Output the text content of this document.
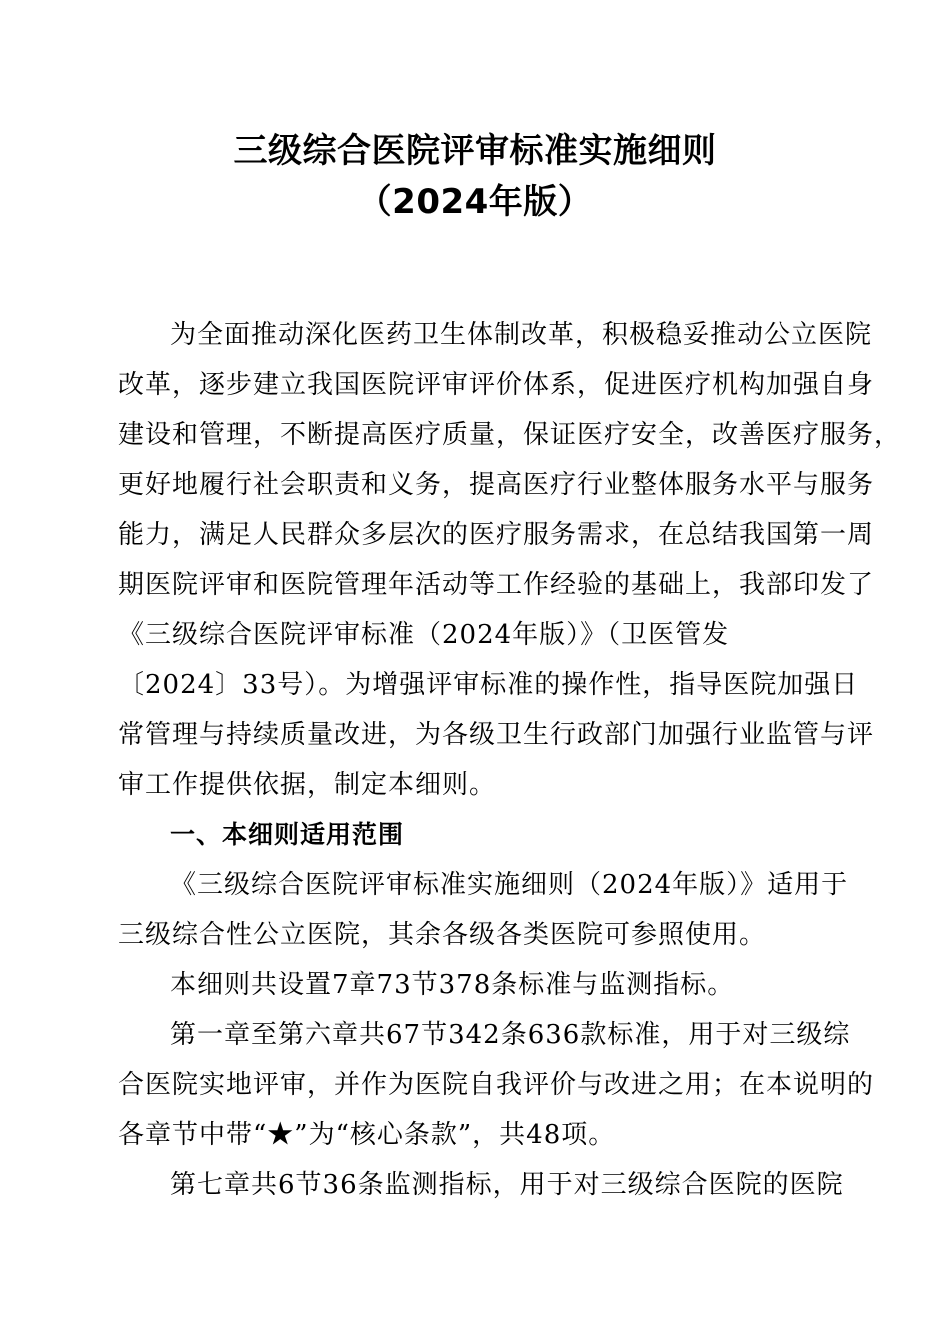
三级综合医院评审标准实施细则
（2024年版）
为全面推动深化医药卫生体制改革，积极稳妥推动公立医院
改革，逐步建立我国医院评审评价体系，促进医疗机构加强自身
建设和管理，不断提高医疗质量，保证医疗安全，改善医疗服务，
更好地履行社会职责和义务，提高医疗行业整体服务水平与服务
能力，满足人民群众多层次的医疗服务需求，在总结我国第一周
期医院评审和医院管理年活动等工作经验的基础上，我部印发了
《三级综合医院评审标准（2024年版）》（卫医管发
〔2024〕33号）。为增强评审标准的操作性，指导医院加强日
常管理与持续质量改进，为各级卫生行政部门加强行业监管与评
审工作提供依据，制定本细则。
一、本细则适用范围
《三级综合医院评审标准实施细则（2024年版）》适用于
三级综合性公立医院，其余各级各类医院可参照使用。
本细则共设置7章73节378条标准与监测指标。
第一章至第六章共67节342条636款标准，用于对三级综
合医院实地评审，并作为医院自我评价与改进之用；在本说明的
各章节中带“★”为“核心条款”，共48项。
第七章共6节36条监测指标，用于对三级综合医院的医院
